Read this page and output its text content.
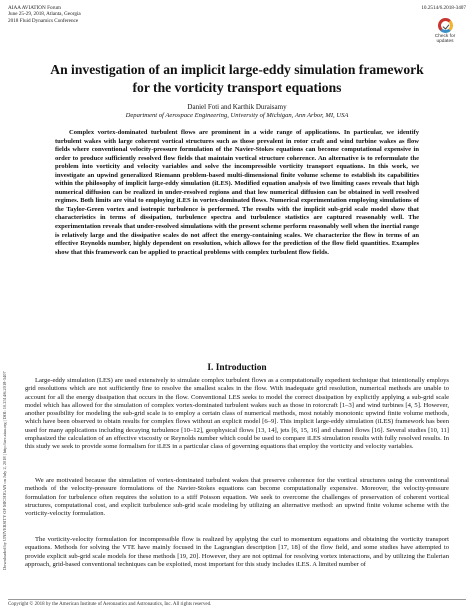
AIAA AVIATION Forum
June 25-29, 2018, Atlanta, Georgia
2018 Fluid Dynamics Conference
10.2514/6.2018-3407
Check for
updates
Downloaded by UNIVERSITY OF MICHIGAN on July 2, 2018 | http://arc.aiaa.org | DOI: 10.2514/6.2018-3407
An investigation of an implicit large-eddy simulation framework for the vorticity transport equations
Daniel Foti and Karthik Duraisamy
Department of Aerospace Engineering, University of Michigan, Ann Arbor, MI, USA

Complex vortex-dominated turbulent flows are prominent in a wide range of applications. In particular, we identify turbulent wakes with large coherent vortical structures such as those prevalent in rotor craft and wind turbine wakes as flow fields where conventional velocity-pressure formulation of the Navier-Stokes equations can become computational expensive in order to produce sufficiently resolved flow fields that maintain vortical structure coherence. An alternative is to reformulate the problem into vorticity and velocity variables and solve the incompressible vorticity transport equations. In this work, we investigate an upwind generalized Riemann problem-based multi-dimensional finite volume scheme to establish its capabilities within the philosophy of implicit large-eddy simulation (iLES). Modified equation analysis of two limiting cases reveals that high numerical diffusion can be realized in under-resolved regions and that low numerical diffusion can be obtained in well resolved regimes. Both limits are vital to employing iLES in vortex-dominated flows. Numerical experimentation employing simulations of the Taylor-Green vortex and isotropic turbulence is performed. The results with the implicit sub-grid scale model show that characteristics in terms of dissipation, turbulence spectra and turbulence statistics are captured reasonably well. The experimentation reveals that under-resolved simulations with the present scheme perform reasonably well when the inertial range is relatively large and the dissipative scales do not affect the energy-containing scales. We characterize the flow in terms of an effective Reynolds number, highly dependent on resolution, which allows for the prediction of the flow field quantities. Examples show that this framework can be applied to practical problems with complex turbulent flow fields.

I. Introduction

Large-eddy simulation (LES) are used extensively to simulate complex turbulent flows as a computationally expedient technique that intentionally employs grid resolutions which are not sufficiently fine to resolve the smallest scales in the flow. With inadequate grid resolution, numerical methods are unable to account for all the energy dissipation that occurs in the flow. Conventional LES seeks to model the correct dissipation by explicitly applying a sub-grid scale model which has allowed for the simulation of complex vortex-dominated turbulent wakes such as those in rotorcraft [1–3] and wind turbines [4, 5]. However, another possibility for modeling the sub-grid scale is to employ a certain class of numerical methods, most notably monotonic upwind finite volume methods, which have been observed to obtain results for complex flows without an explicit model [6–9]. This implicit large-eddy simulation (iLES) framework has been used for many applications including decaying turbulence [10–12], geophysical flows [13, 14], jets [6, 15, 16] and channel flows [16]. Several studies [10, 11] emphasized the calculation of an effective viscosity or Reynolds number which could be used to compare iLES simulation results with fully resolved results. In this study we seek to provide some formalism for iLES in a particular class of governing equations that employ the vorticity and velocity variables.

We are motivated because the simulation of vortex-dominated turbulent wakes that preserve coherence for the vortical structures using the conventional methods of the velocity-pressure formulations of the Navier-Stokes equations can become computationally expensive. Moreover, the velocity-pressure formulation for turbulence often requires the solution to a stiff Poisson equation. We seek to overcome the challenges of preservation of coherent vortical structures, computational cost, and explicit turbulence sub-grid scale modeling by utilizing an alternative method: an upwind finite volume scheme with the vorticity-velocity formulation.

The vorticity-velocity formulation for incompressible flow is realized by applying the curl to momentum equations and obtaining the vorticity transport equations. Methods for solving the VTE have mainly focused in the Lagrangian description [17, 18] of the flow field, and some studies have attempted to provide explicit sub-grid scale models for these methods [19, 20]. However, they are not optimal for resolving vortex interactions, and by utilizing the Eulerian approach, grid-based conventional techniques can be exploited, most important for this study includes iLES. A limited number of

Copyright © 2018 by the American Institute of Aeronautics and Astronautics, Inc. All rights reserved.
